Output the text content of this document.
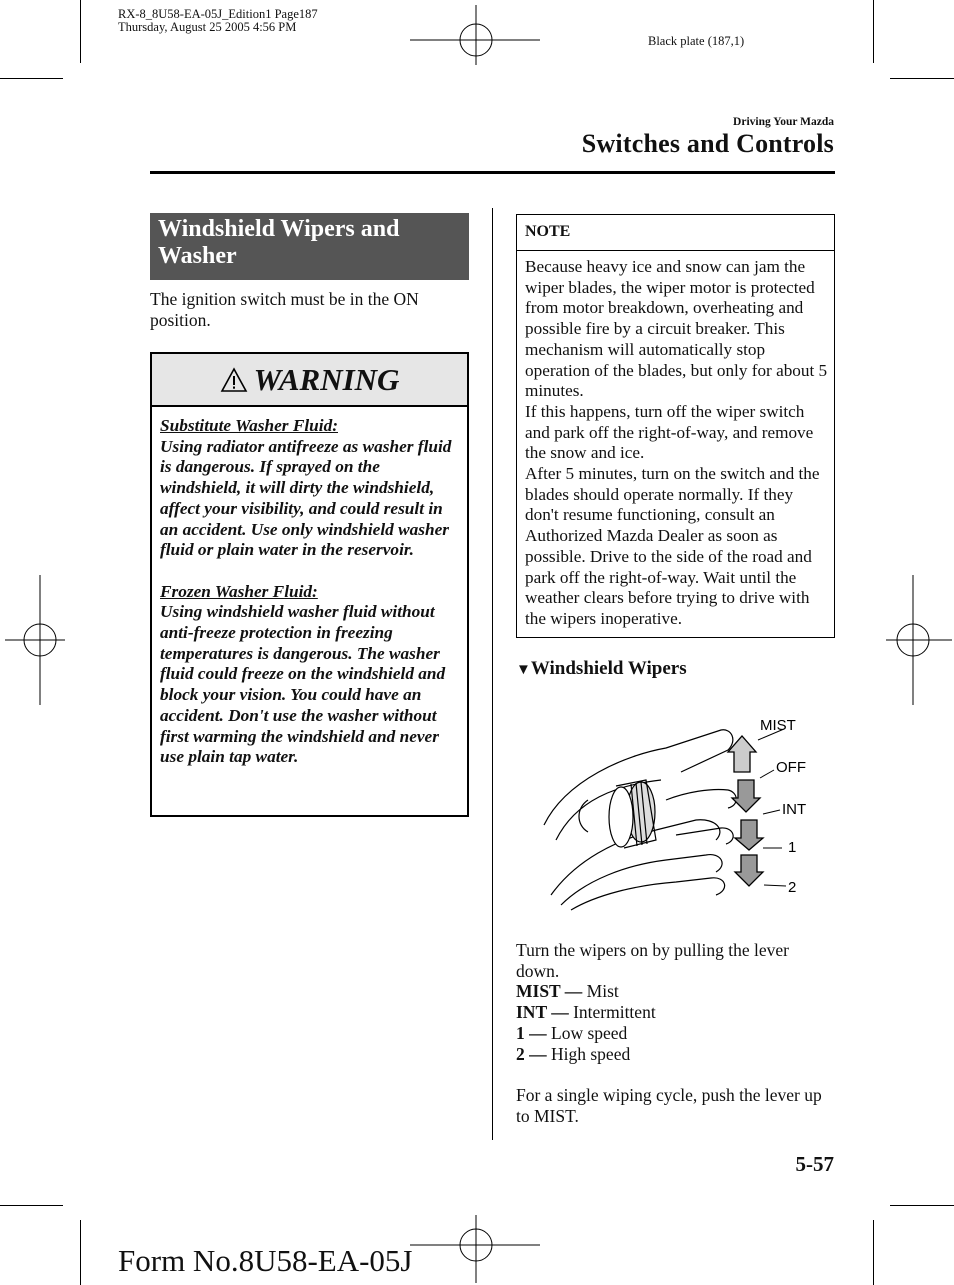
RX-8_8U58-EA-05J_Edition1 Page187
Thursday, August 25 2005 4:56 PM
Black plate (187,1)
Driving Your Mazda
Switches and Controls
Windshield Wipers and Washer
The ignition switch must be in the ON position.
WARNING

Substitute Washer Fluid:
Using radiator antifreeze as washer fluid is dangerous. If sprayed on the windshield, it will dirty the windshield, affect your visibility, and could result in an accident. Use only windshield washer fluid or plain water in the reservoir.

Frozen Washer Fluid:
Using windshield washer fluid without anti-freeze protection in freezing temperatures is dangerous. The washer fluid could freeze on the windshield and block your vision. You could have an accident. Don't use the washer without first warming the windshield and never use plain tap water.

NOTE
Because heavy ice and snow can jam the wiper blades, the wiper motor is protected from motor breakdown, overheating and possible fire by a circuit breaker. This mechanism will automatically stop operation of the blades, but only for about 5 minutes.
If this happens, turn off the wiper switch and park off the right-of-way, and remove the snow and ice.
After 5 minutes, turn on the switch and the blades should operate normally. If they don't resume functioning, consult an Authorized Mazda Dealer as soon as possible. Drive to the side of the road and park off the right-of-way. Wait until the weather clears before trying to drive with the wipers inoperative.
▼Windshield Wipers
MIST
OFF
INT
1
2
Turn the wipers on by pulling the lever down.
MIST — Mist
INT — Intermittent
1 — Low speed
2 — High speed
For a single wiping cycle, push the lever up to MIST.
5-57
Form No.8U58-EA-05J
